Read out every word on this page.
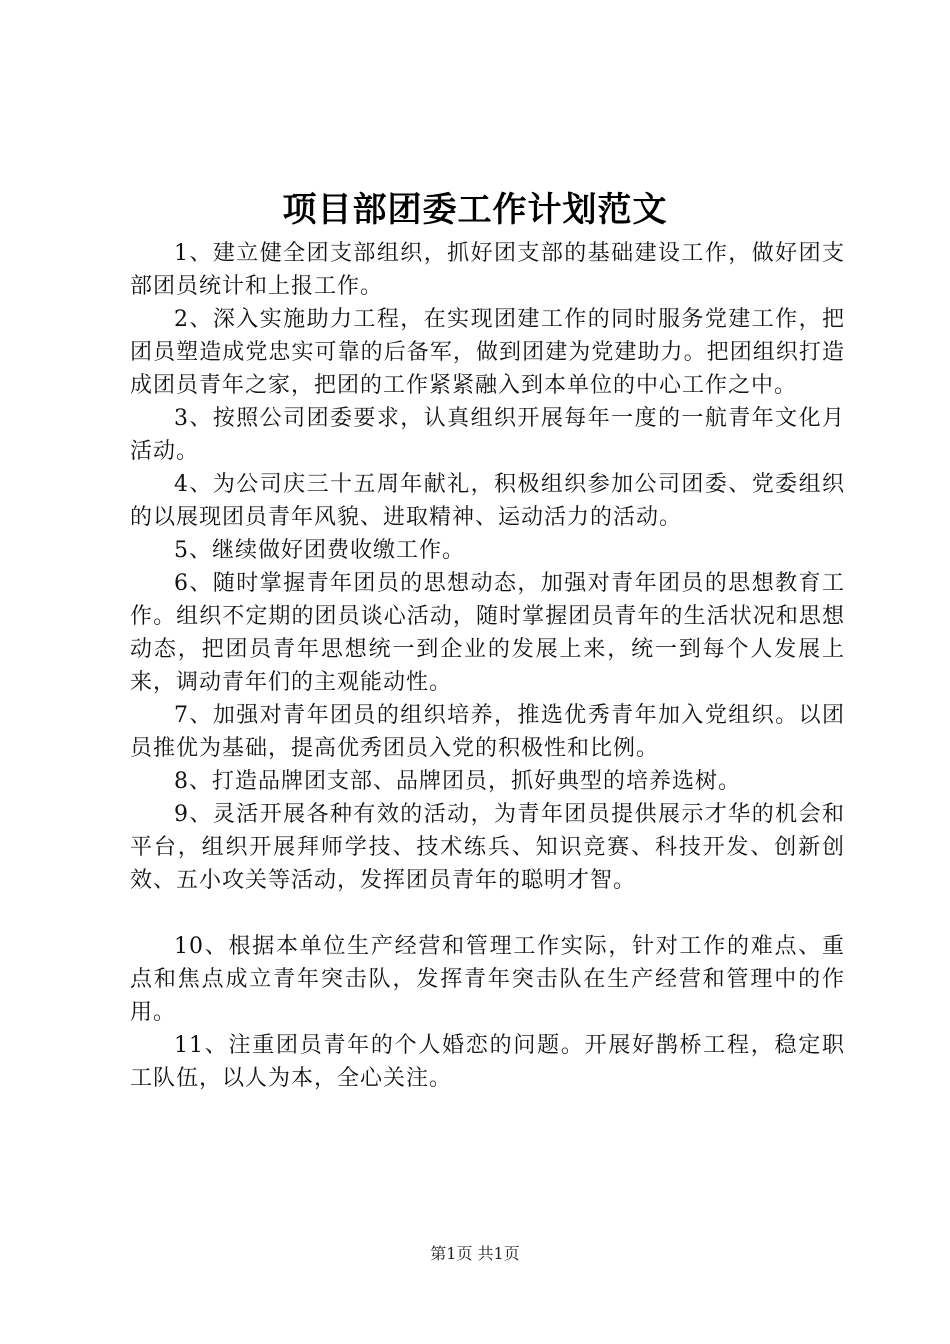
项目部团委工作计划范文

1、建立健全团支部组织，抓好团支部的基础建设工作，做好团支部团员统计和上报工作。

2、深入实施助力工程，在实现团建工作的同时服务党建工作，把团员塑造成党忠实可靠的后备军，做到团建为党建助力。把团组织打造成团员青年之家，把团的工作紧紧融入到本单位的中心工作之中。

3、按照公司团委要求，认真组织开展每年一度的一航青年文化月活动。

4、为公司庆三十五周年献礼，积极组织参加公司团委、党委组织的以展现团员青年风貌、进取精神、运动活力的活动。

5、继续做好团费收缴工作。

6、随时掌握青年团员的思想动态，加强对青年团员的思想教育工作。组织不定期的团员谈心活动，随时掌握团员青年的生活状况和思想动态，把团员青年思想统一到企业的发展上来，统一到每个人发展上来，调动青年们的主观能动性。

7、加强对青年团员的组织培养，推选优秀青年加入党组织。以团员推优为基础，提高优秀团员入党的积极性和比例。

8、打造品牌团支部、品牌团员，抓好典型的培养选树。

9、灵活开展各种有效的活动，为青年团员提供展示才华的机会和平台，组织开展拜师学技、技术练兵、知识竞赛、科技开发、创新创效、五小攻关等活动，发挥团员青年的聪明才智。

10、根据本单位生产经营和管理工作实际，针对工作的难点、重点和焦点成立青年突击队，发挥青年突击队在生产经营和管理中的作用。

11、注重团员青年的个人婚恋的问题。开展好鹊桥工程，稳定职工队伍，以人为本，全心关注。

第1页 共1页
